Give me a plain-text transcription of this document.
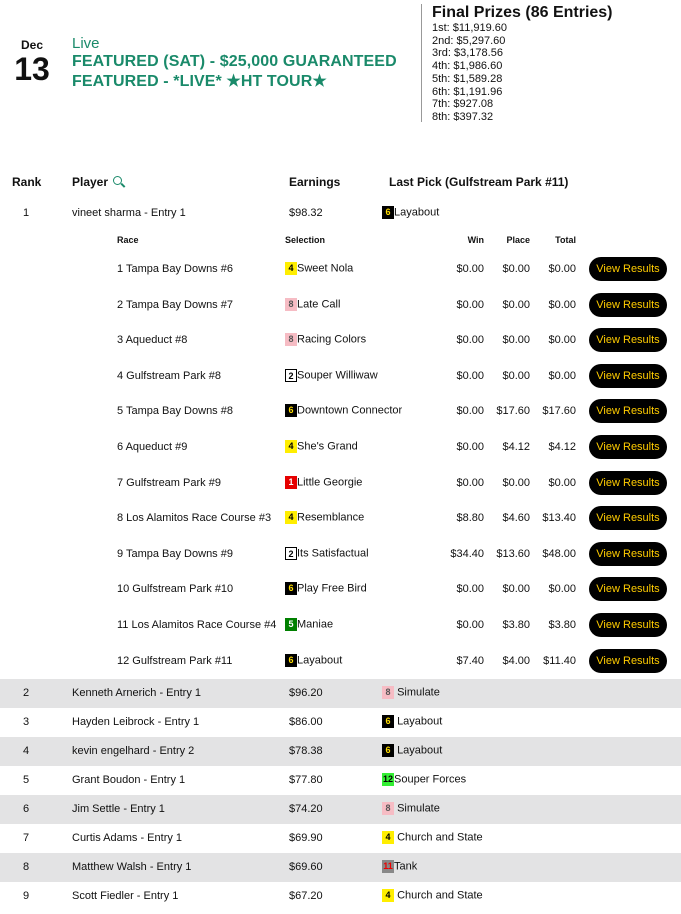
Dec
13
Live
FEATURED (SAT) - $25,000 GUARANTEED
FEATURED - *LIVE* ★HT TOUR★
Final Prizes (86 Entries)
1st: $11,919.60
2nd: $5,297.60
3rd: $3,178.56
4th: $1,986.60
5th: $1,589.28
6th: $1,191.96
7th: $927.08
8th: $397.32
Rank	Player	Earnings	Last Pick (Gulfstream Park #11)
1	vineet sharma - Entry 1	$98.32	6 Layabout
Race	Selection	Win	Place	Total
1 Tampa Bay Downs #6	4 Sweet Nola	$0.00	$0.00	$0.00	View Results
2 Tampa Bay Downs #7	8 Late Call	$0.00	$0.00	$0.00	View Results
3 Aqueduct #8	8 Racing Colors	$0.00	$0.00	$0.00	View Results
4 Gulfstream Park #8	2 Souper Williwaw	$0.00	$0.00	$0.00	View Results
5 Tampa Bay Downs #8	6 Downtown Connector	$0.00	$17.60	$17.60	View Results
6 Aqueduct #9	4 She's Grand	$0.00	$4.12	$4.12	View Results
7 Gulfstream Park #9	1 Little Georgie	$0.00	$0.00	$0.00	View Results
8 Los Alamitos Race Course #3	4 Resemblance	$8.80	$4.60	$13.40	View Results
9 Tampa Bay Downs #9	2 Its Satisfactual	$34.40	$13.60	$48.00	View Results
10 Gulfstream Park #10	6 Play Free Bird	$0.00	$0.00	$0.00	View Results
11 Los Alamitos Race Course #4	5 Maniae	$0.00	$3.80	$3.80	View Results
12 Gulfstream Park #11	6 Layabout	$7.40	$4.00	$11.40	View Results
2	Kenneth Arnerich - Entry 1	$96.20	8 Simulate
3	Hayden Leibrock - Entry 1	$86.00	6 Layabout
4	kevin engelhard - Entry 2	$78.38	6 Layabout
5	Grant Boudon - Entry 1	$77.80	12Souper Forces
6	Jim Settle - Entry 1	$74.20	8 Simulate
7	Curtis Adams - Entry 1	$69.90	4 Church and State
8	Matthew Walsh - Entry 1	$69.60	11Tank
9	Scott Fiedler - Entry 1	$67.20	4 Church and State
